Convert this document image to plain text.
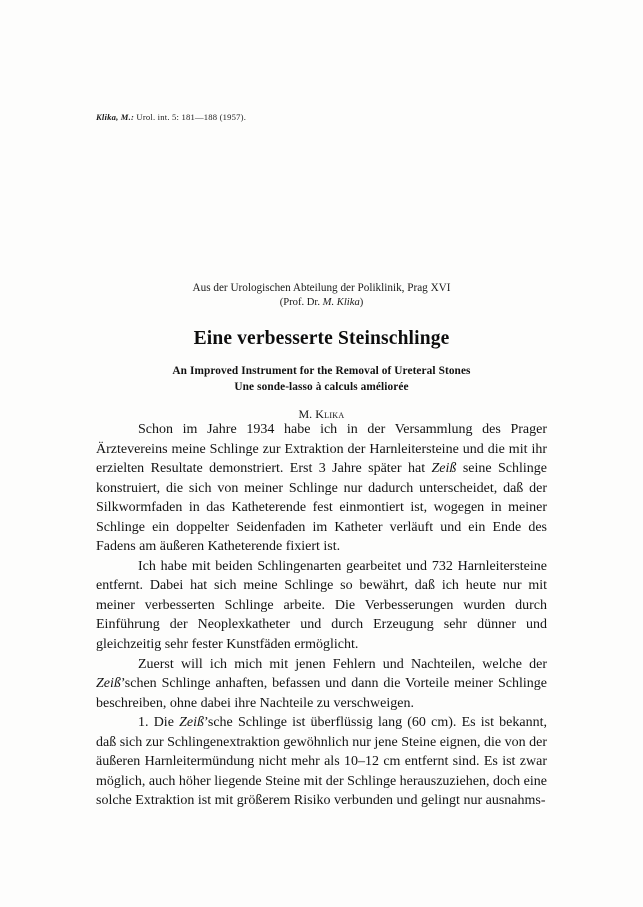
Klika, M.: Urol. int. 5: 181—188 (1957).
Aus der Urologischen Abteilung der Poliklinik, Prag XVI
(Prof. Dr. M. Klika)
Eine verbesserte Steinschlinge
An Improved Instrument for the Removal of Ureteral Stones
Une sonde-lasso à calculs améliorée
M. Klika

Schon im Jahre 1934 habe ich in der Versammlung des Prager Ärztevereins meine Schlinge zur Extraktion der Harnleitersteine und die mit ihr erzielten Resultate demonstriert. Erst 3 Jahre später hat Zeiß seine Schlinge konstruiert, die sich von meiner Schlinge nur dadurch unterscheidet, daß der Silkwormfaden in das Katheterende fest einmontiert ist, wogegen in meiner Schlinge ein doppelter Seidenfaden im Katheter verläuft und ein Ende des Fadens am äußeren Katheterende fixiert ist.

Ich habe mit beiden Schlingenarten gearbeitet und 732 Harnleitersteine entfernt. Dabei hat sich meine Schlinge so bewährt, daß ich heute nur mit meiner verbesserten Schlinge arbeite. Die Verbesserungen wurden durch Einführung der Neoplexkatheter und durch Erzeugung sehr dünner und gleichzeitig sehr fester Kunstfäden ermöglicht.

Zuerst will ich mich mit jenen Fehlern und Nachteilen, welche der Zeiß’schen Schlinge anhaften, befassen und dann die Vorteile meiner Schlinge beschreiben, ohne dabei ihre Nachteile zu verschweigen.

1. Die Zeiß’sche Schlinge ist überflüssig lang (60 cm). Es ist bekannt, daß sich zur Schlingenextraktion gewöhnlich nur jene Steine eignen, die von der äußeren Harnleitermündung nicht mehr als 10–12 cm entfernt sind. Es ist zwar möglich, auch höher liegende Steine mit der Schlinge herauszuziehen, doch eine solche Extraktion ist mit größerem Risiko verbunden und gelingt nur ausnahms-
